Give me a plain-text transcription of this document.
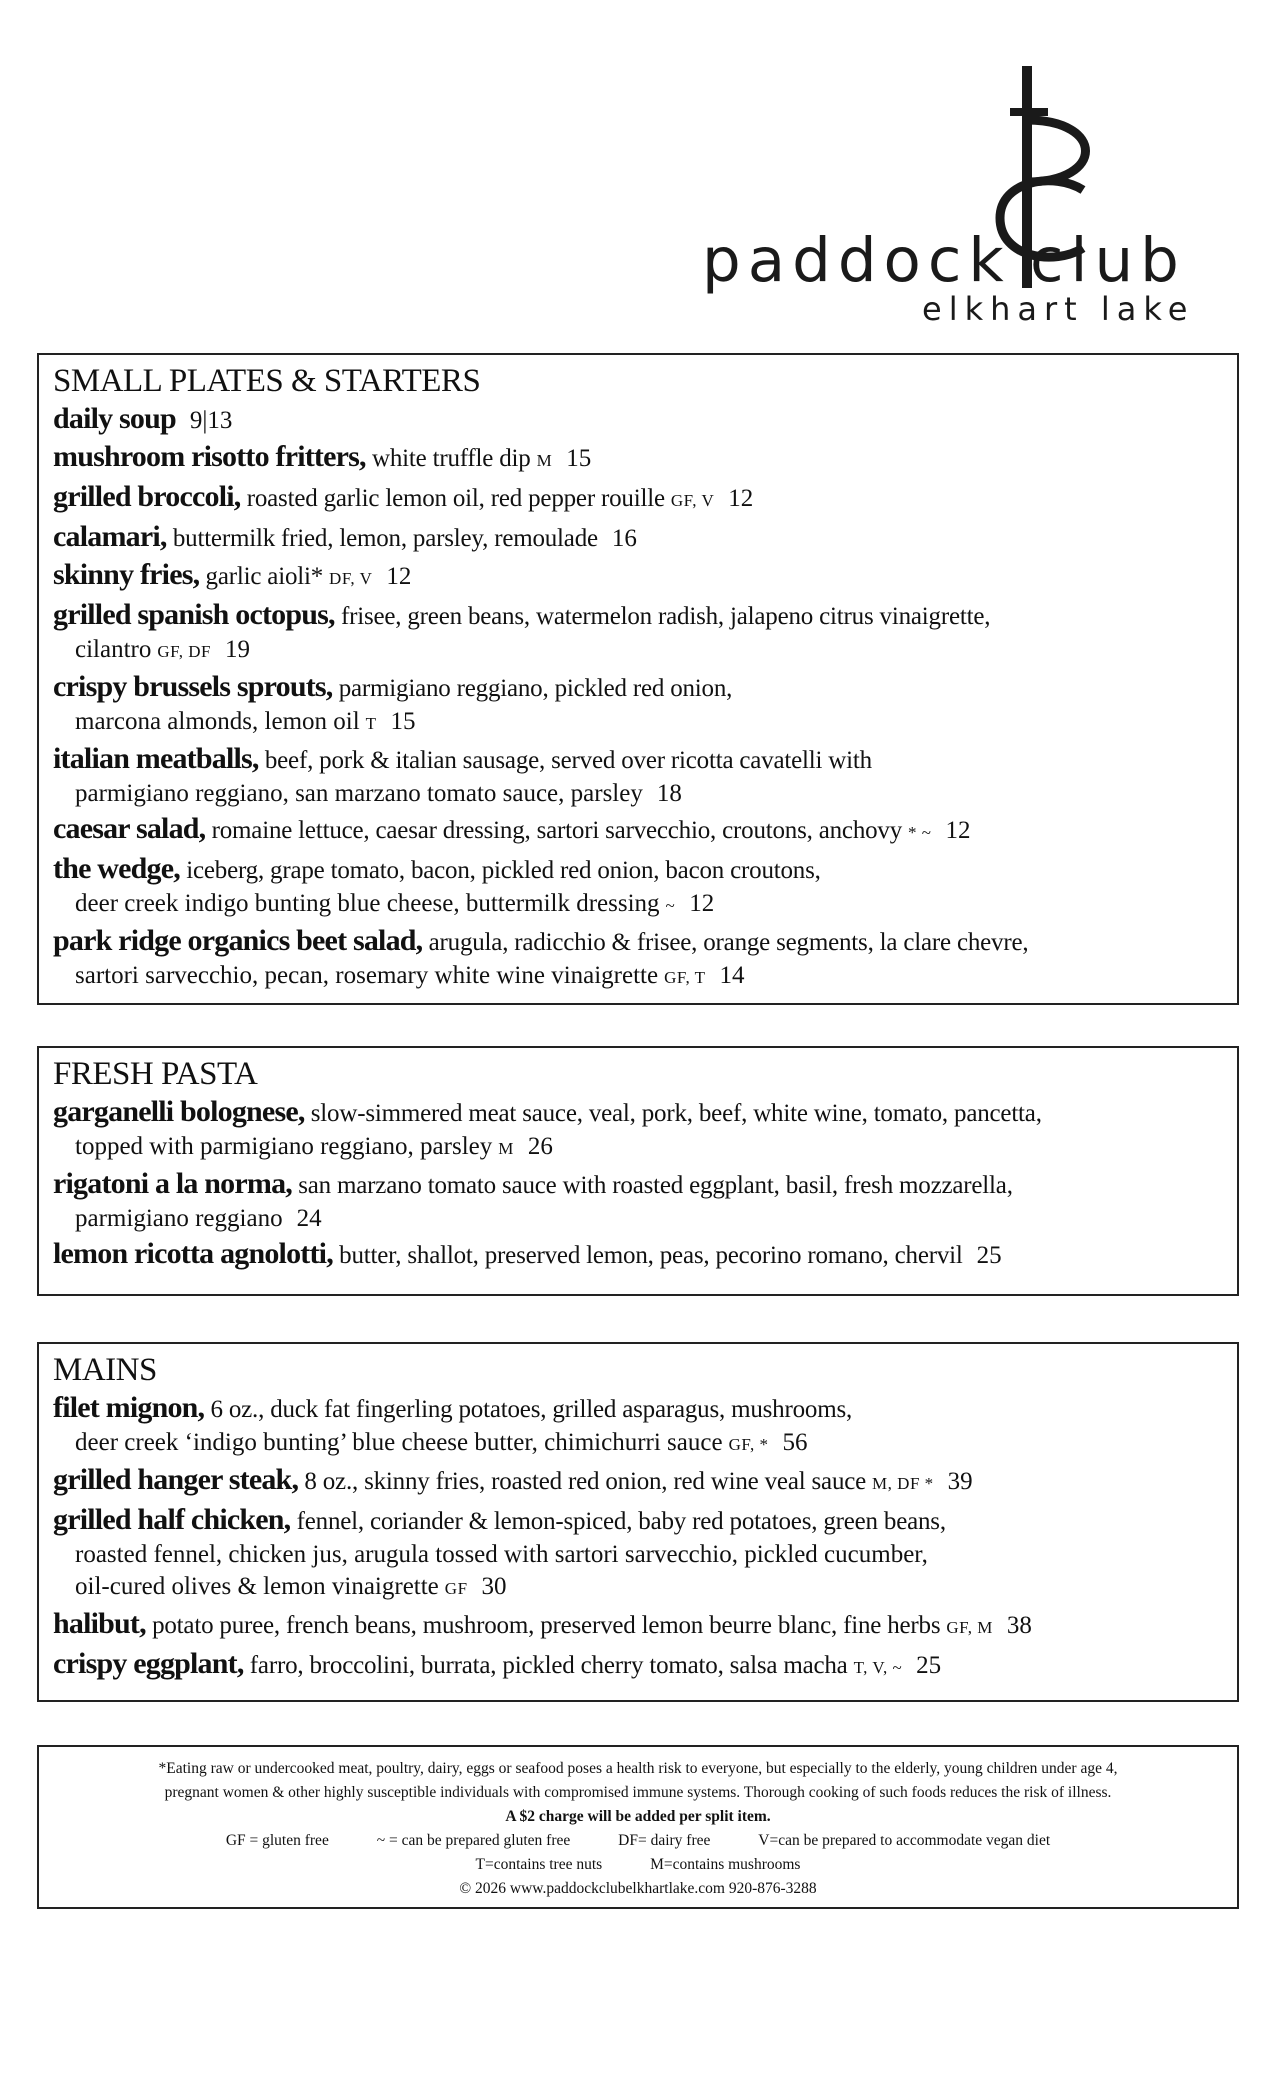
paddock club
elkhart lake
SMALL PLATES & STARTERS
daily soup 9|13
mushroom risotto fritters, white truffle dip M 15
grilled broccoli, roasted garlic lemon oil, red pepper rouille GF, V 12
calamari, buttermilk fried, lemon, parsley, remoulade 16
skinny fries, garlic aioli* DF, V 12
grilled spanish octopus, frisee, green beans, watermelon radish, jalapeno citrus vinaigrette,
cilantro GF, DF 19
crispy brussels sprouts, parmigiano reggiano, pickled red onion,
marcona almonds, lemon oil T 15
italian meatballs, beef, pork & italian sausage, served over ricotta cavatelli with
parmigiano reggiano, san marzano tomato sauce, parsley 18
caesar salad, romaine lettuce, caesar dressing, sartori sarvecchio, croutons, anchovy * ~ 12
the wedge, iceberg, grape tomato, bacon, pickled red onion, bacon croutons,
deer creek indigo bunting blue cheese, buttermilk dressing ~ 12
park ridge organics beet salad, arugula, radicchio & frisee, orange segments, la clare chevre,
sartori sarvecchio, pecan, rosemary white wine vinaigrette GF, T 14
FRESH PASTA
garganelli bolognese, slow-simmered meat sauce, veal, pork, beef, white wine, tomato, pancetta,
topped with parmigiano reggiano, parsley M 26
rigatoni a la norma, san marzano tomato sauce with roasted eggplant, basil, fresh mozzarella,
parmigiano reggiano 24
lemon ricotta agnolotti, butter, shallot, preserved lemon, peas, pecorino romano, chervil 25
MAINS
filet mignon, 6 oz., duck fat fingerling potatoes, grilled asparagus, mushrooms,
deer creek ‘indigo bunting’ blue cheese butter, chimichurri sauce GF, * 56
grilled hanger steak, 8 oz., skinny fries, roasted red onion, red wine veal sauce M, DF * 39
grilled half chicken, fennel, coriander & lemon-spiced, baby red potatoes, green beans,
roasted fennel, chicken jus, arugula tossed with sartori sarvecchio, pickled cucumber,
oil-cured olives & lemon vinaigrette GF 30
halibut, potato puree, french beans, mushroom, preserved lemon beurre blanc, fine herbs GF, M 38
crispy eggplant, farro, broccolini, burrata, pickled cherry tomato, salsa macha T, V, ~ 25
*Eating raw or undercooked meat, poultry, dairy, eggs or seafood poses a health risk to everyone, but especially to the elderly, young children under age 4,
pregnant women & other highly susceptible individuals with compromised immune systems. Thorough cooking of such foods reduces the risk of illness.
A $2 charge will be added per split item.
GF = gluten free	~ = can be prepared gluten free	DF= dairy free	V=can be prepared to accommodate vegan diet
T=contains tree nuts	M=contains mushrooms
© 2026 www.paddockclubelkhartlake.com 920-876-3288
